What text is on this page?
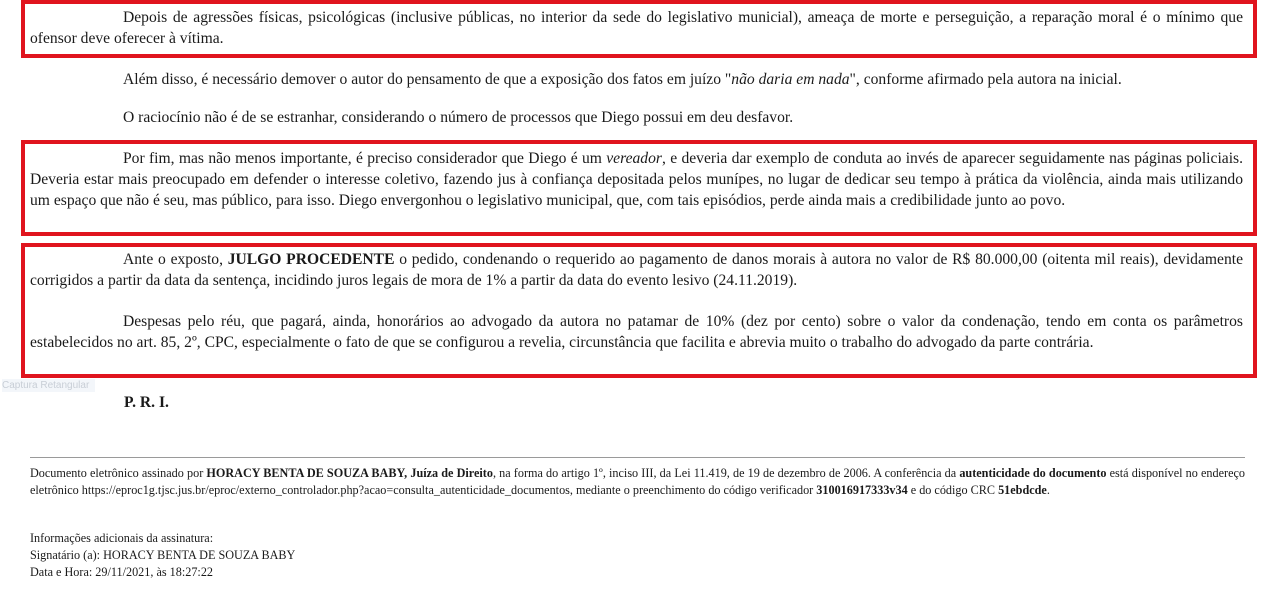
Depois de agressões físicas, psicológicas (inclusive públicas, no interior da sede do legislativo municial), ameaça de morte e perseguição, a reparação moral é o mínimo que ofensor deve oferecer à vítima.

Além disso, é necessário demover o autor do pensamento de que a exposição dos fatos em juízo "não daria em nada", conforme afirmado pela autora na inicial.

O raciocínio não é de se estranhar, considerando o número de processos que Diego possui em deu desfavor.

Por fim, mas não menos importante, é preciso considerador que Diego é um vereador, e deveria dar exemplo de conduta ao invés de aparecer seguidamente nas páginas policiais. Deveria estar mais preocupado em defender o interesse coletivo, fazendo jus à confiança depositada pelos munípes, no lugar de dedicar seu tempo à prática da violência, ainda mais utilizando um espaço que não é seu, mas público, para isso. Diego envergonhou o legislativo municipal, que, com tais episódios, perde ainda mais a credibilidade junto ao povo.

Ante o exposto, JULGO PROCEDENTE o pedido, condenando o requerido ao pagamento de danos morais à autora no valor de R$ 80.000,00 (oitenta mil reais), devidamente corrigidos a partir da data da sentença, incidindo juros legais de mora de 1% a partir da data do evento lesivo (24.11.2019).

Despesas pelo réu, que pagará, ainda, honorários ao advogado da autora no patamar de 10% (dez por cento) sobre o valor da condenação, tendo em conta os parâmetros estabelecidos no art. 85, 2º, CPC, especialmente o fato de que se configurou a revelia, circunstância que facilita e abrevia muito o trabalho do advogado da parte contrária.

Captura Retangular

P. R. I.

Documento eletrônico assinado por HORACY BENTA DE SOUZA BABY, Juíza de Direito, na forma do artigo 1º, inciso III, da Lei 11.419, de 19 de dezembro de 2006. A conferência da autenticidade do documento está disponível no endereço eletrônico https://eproc1g.tjsc.jus.br/eproc/externo_controlador.php?acao=consulta_autenticidade_documentos, mediante o preenchimento do código verificador 310016917333v34 e do código CRC 51ebdcde.

Informações adicionais da assinatura:

Signatário (a): HORACY BENTA DE SOUZA BABY

Data e Hora: 29/11/2021, às 18:27:22
